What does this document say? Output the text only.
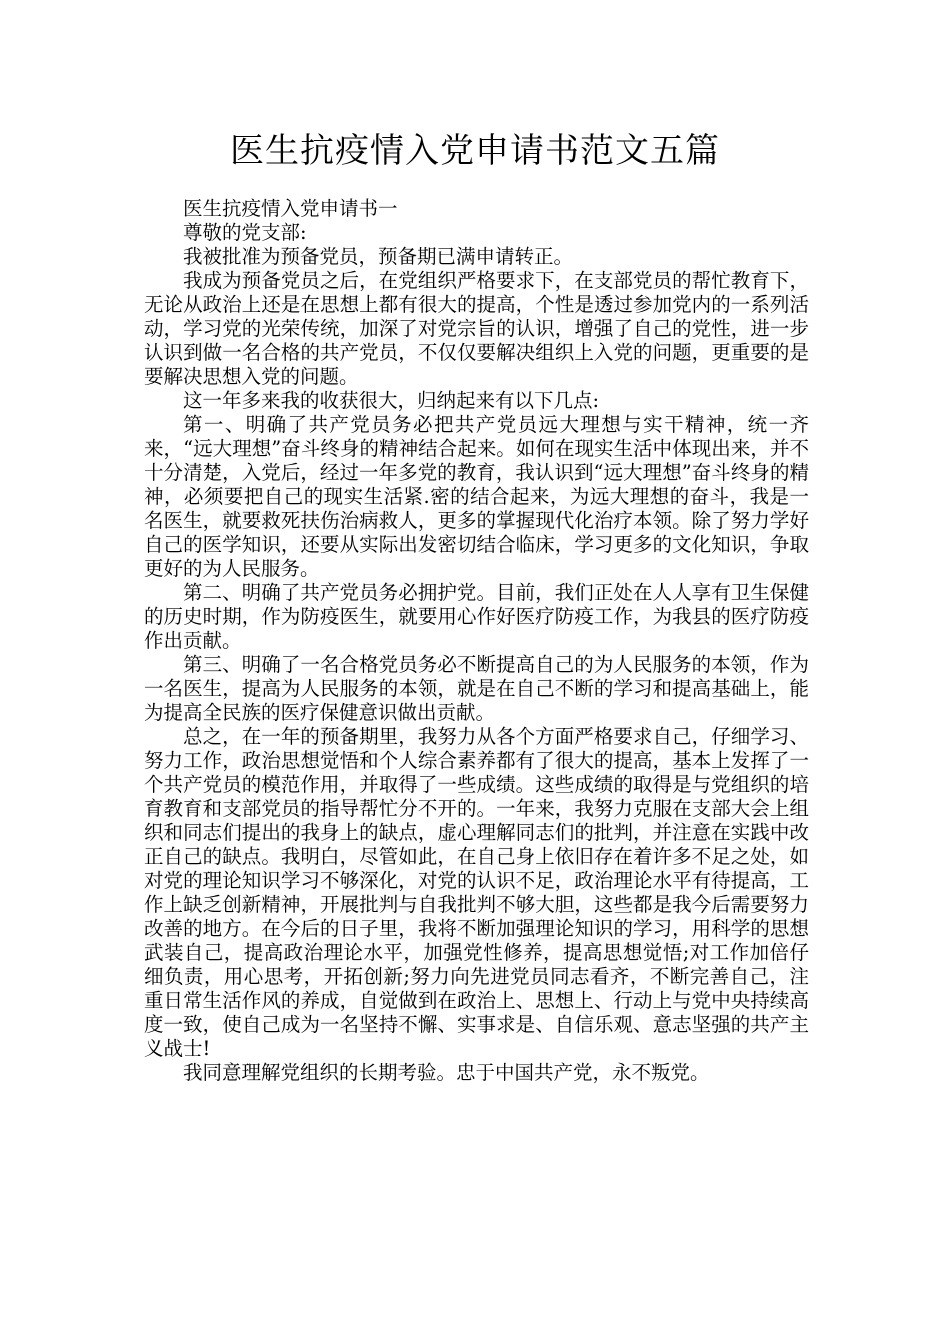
医生抗疫情入党申请书范文五篇

医生抗疫情入党申请书一

尊敬的党支部:

我被批准为预备党员，预备期已满申请转正。

我成为预备党员之后，在党组织严格要求下，在支部党员的帮忙教育下，无论从政治上还是在思想上都有很大的提高，个性是透过参加党内的一系列活动，学习党的光荣传统，加深了对党宗旨的认识，增强了自己的党性，进一步认识到做一名合格的共产党员，不仅仅要解决组织上入党的问题，更重要的是要解决思想入党的问题。

这一年多来我的收获很大，归纳起来有以下几点:

第一、明确了共产党员务必把共产党员远大理想与实干精神，统一齐来，“远大理想”奋斗终身的精神结合起来。如何在现实生活中体现出来，并不十分清楚，入党后，经过一年多党的教育，我认识到“远大理想”奋斗终身的精神，必须要把自己的现实生活紧.密的结合起来，为远大理想的奋斗，我是一名医生，就要救死扶伤治病救人，更多的掌握现代化治疗本领。除了努力学好自己的医学知识，还要从实际出发密切结合临床，学习更多的文化知识，争取更好的为人民服务。

第二、明确了共产党员务必拥护党。目前，我们正处在人人享有卫生保健的历史时期，作为防疫医生，就要用心作好医疗防疫工作，为我县的医疗防疫作出贡献。

第三、明确了一名合格党员务必不断提高自己的为人民服务的本领，作为一名医生，提高为人民服务的本领，就是在自己不断的学习和提高基础上，能为提高全民族的医疗保健意识做出贡献。

总之，在一年的预备期里，我努力从各个方面严格要求自己，仔细学习、努力工作，政治思想觉悟和个人综合素养都有了很大的提高，基本上发挥了一个共产党员的模范作用，并取得了一些成绩。这些成绩的取得是与党组织的培育教育和支部党员的指导帮忙分不开的。一年来，我努力克服在支部大会上组织和同志们提出的我身上的缺点，虚心理解同志们的批判，并注意在实践中改正自己的缺点。我明白，尽管如此，在自己身上依旧存在着许多不足之处，如对党的理论知识学习不够深化，对党的认识不足，政治理论水平有待提高，工作上缺乏创新精神，开展批判与自我批判不够大胆，这些都是我今后需要努力改善的地方。在今后的日子里，我将不断加强理论知识的学习，用科学的思想武装自己，提高政治理论水平，加强党性修养，提高思想觉悟;对工作加倍仔细负责，用心思考，开拓创新;努力向先进党员同志看齐，不断完善自己，注重日常生活作风的养成，自觉做到在政治上、思想上、行动上与党中央持续高度一致，使自己成为一名坚持不懈、实事求是、自信乐观、意志坚强的共产主义战士!

我同意理解党组织的长期考验。忠于中国共产党，永不叛党。
